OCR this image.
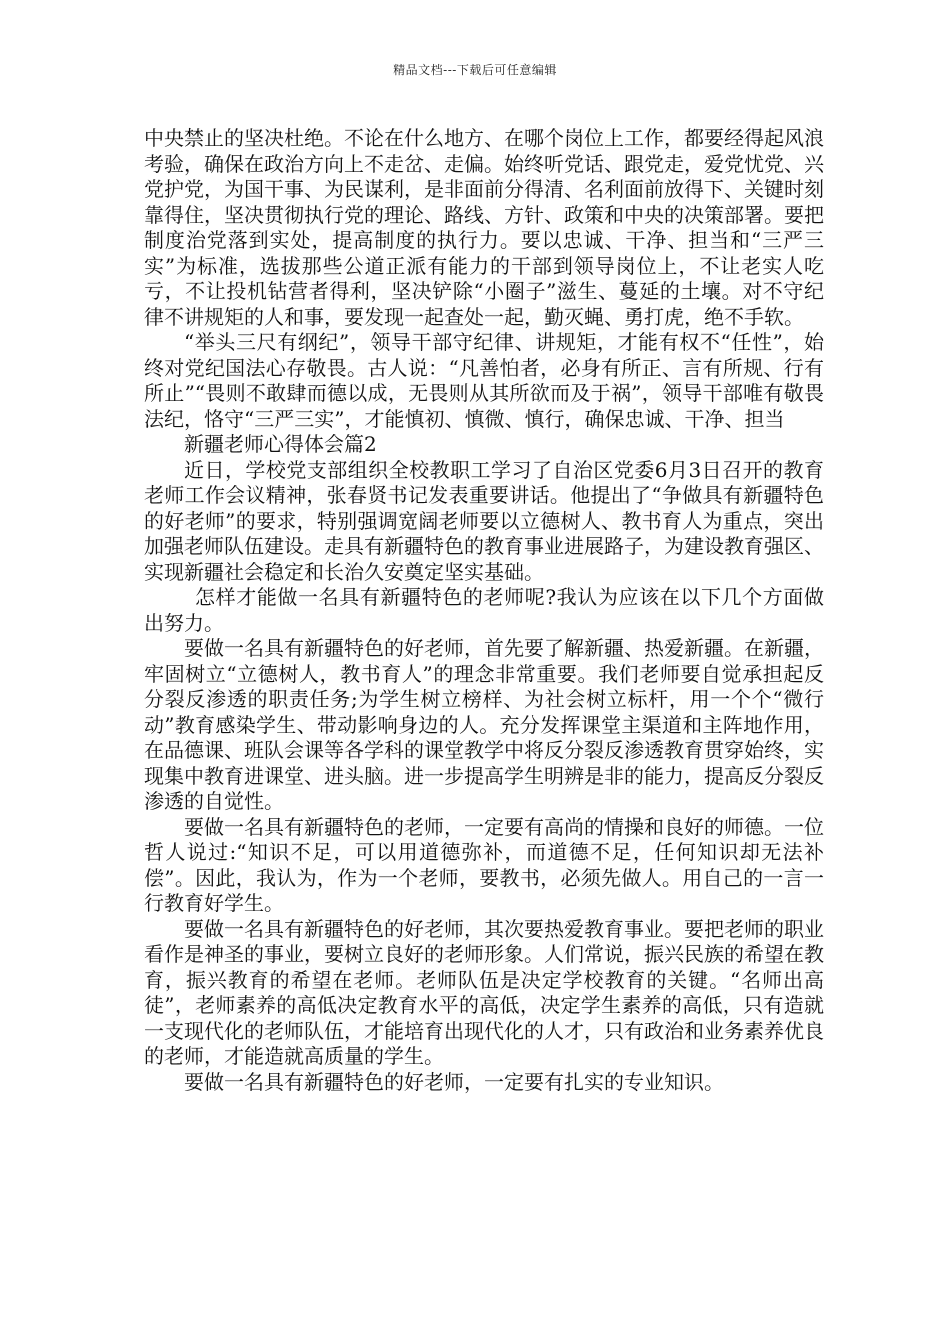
精品文档---下载后可任意编辑

中央禁止的坚决杜绝。不论在什么地方、在哪个岗位上工作，都要经得起风浪考验，确保在政治方向上不走岔、走偏。始终听党话、跟党走，爱党忧党、兴党护党，为国干事、为民谋利，是非面前分得清、名利面前放得下、关键时刻靠得住，坚决贯彻执行党的理论、路线、方针、政策和中央的决策部署。要把制度治党落到实处，提高制度的执行力。要以忠诚、干净、担当和“三严三实”为标准，选拔那些公道正派有能力的干部到领导岗位上，不让老实人吃亏，不让投机钻营者得利，坚决铲除“小圈子”滋生、蔓延的土壤。对不守纪律不讲规矩的人和事，要发现一起查处一起，勤灭蝇、勇打虎，绝不手软。

“举头三尺有纲纪”，领导干部守纪律、讲规矩，才能有权不“任性”，始终对党纪国法心存敬畏。古人说：“凡善怕者，必身有所正、言有所规、行有所止”“畏则不敢肆而德以成，无畏则从其所欲而及于祸”，领导干部唯有敬畏法纪，恪守“三严三实”，才能慎初、慎微、慎行，确保忠诚、干净、担当

新疆老师心得体会篇2

近日，学校党支部组织全校教职工学习了自治区党委6月3日召开的教育老师工作会议精神，张春贤书记发表重要讲话。他提出了“争做具有新疆特色的好老师”的要求，特别强调宽阔老师要以立德树人、教书育人为重点，突出加强老师队伍建设。走具有新疆特色的教育事业进展路子，为建设教育强区、实现新疆社会稳定和长治久安奠定坚实基础。

怎样才能做一名具有新疆特色的老师呢?我认为应该在以下几个方面做出努力。

要做一名具有新疆特色的好老师，首先要了解新疆、热爱新疆。在新疆，牢固树立“立德树人，教书育人”的理念非常重要。我们老师要自觉承担起反分裂反渗透的职责任务;为学生树立榜样、为社会树立标杆，用一个个“微行动”教育感染学生、带动影响身边的人。充分发挥课堂主渠道和主阵地作用，在品德课、班队会课等各学科的课堂教学中将反分裂反渗透教育贯穿始终，实现集中教育进课堂、进头脑。进一步提高学生明辨是非的能力，提高反分裂反渗透的自觉性。

要做一名具有新疆特色的老师，一定要有高尚的情操和良好的师德。一位哲人说过:“知识不足，可以用道德弥补，而道德不足，任何知识却无法补偿”。因此，我认为，作为一个老师，要教书，必须先做人。用自己的一言一行教育好学生。

要做一名具有新疆特色的好老师，其次要热爱教育事业。要把老师的职业看作是神圣的事业，要树立良好的老师形象。人们常说，振兴民族的希望在教育，振兴教育的希望在老师。老师队伍是决定学校教育的关键。“名师出高徒”，老师素养的高低决定教育水平的高低，决定学生素养的高低，只有造就一支现代化的老师队伍，才能培育出现代化的人才，只有政治和业务素养优良的老师，才能造就高质量的学生。

要做一名具有新疆特色的好老师，一定要有扎实的专业知识。
